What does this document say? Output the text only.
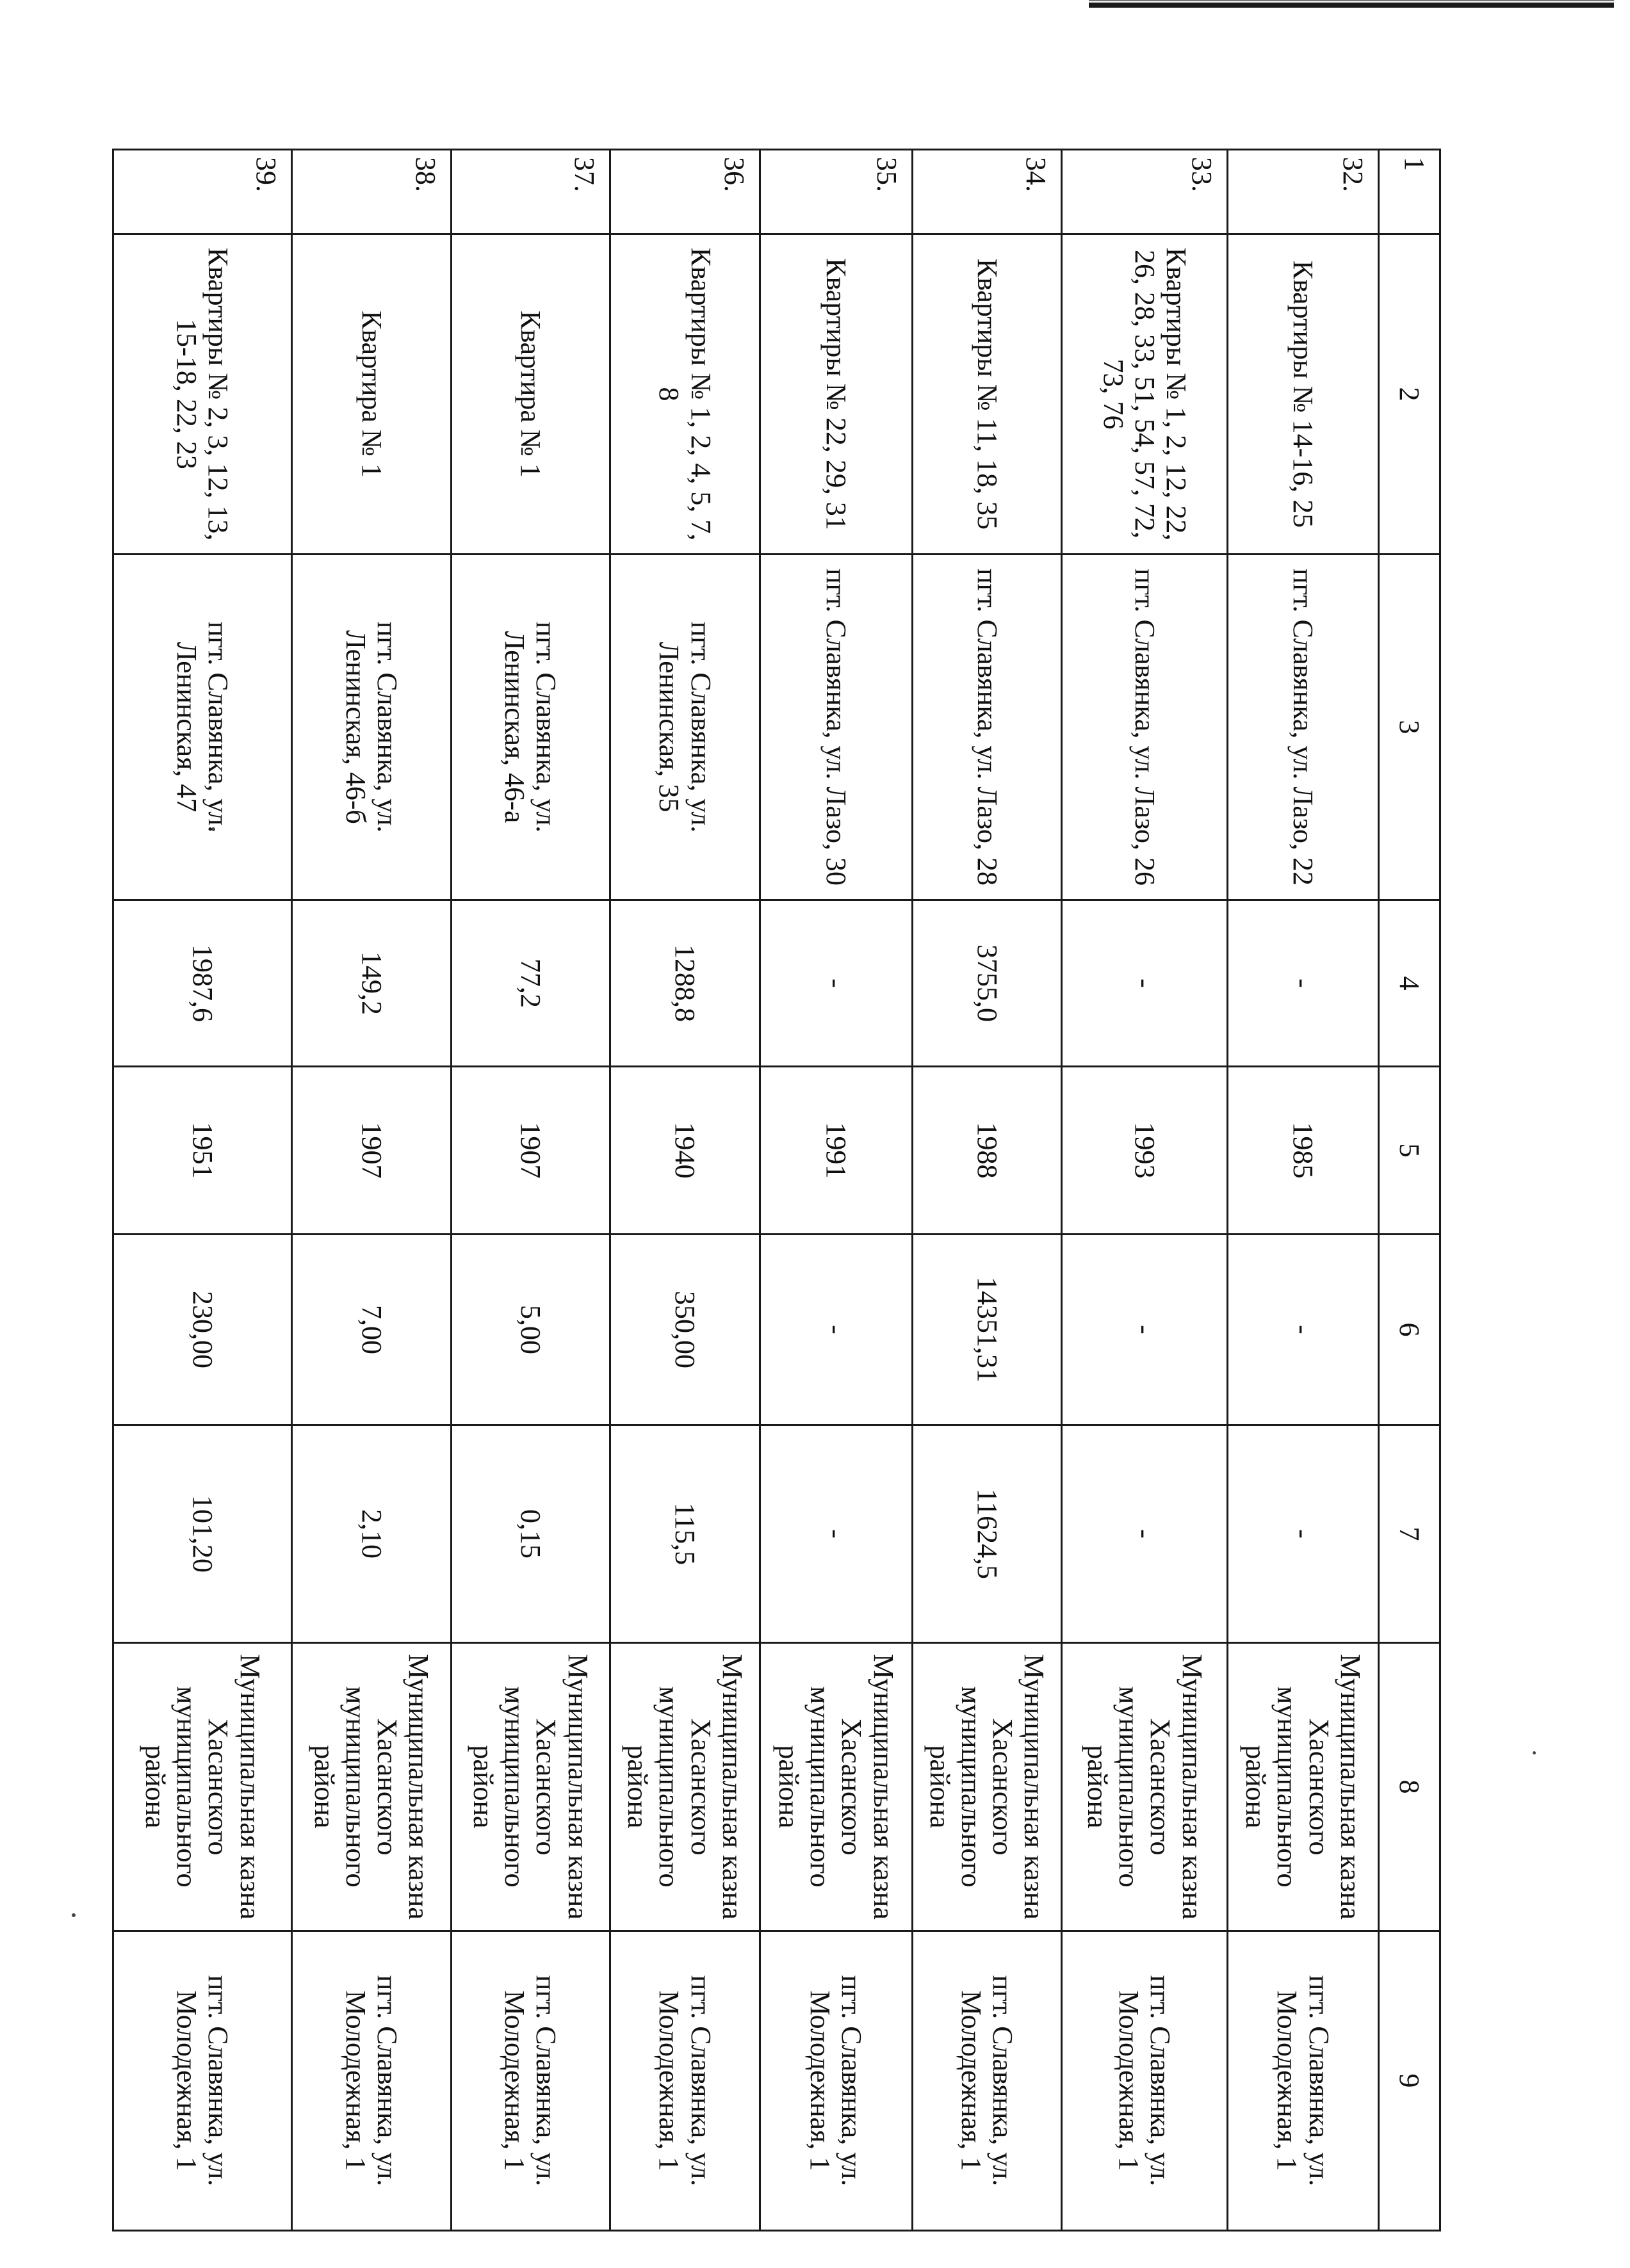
1	2	3	4	5	6	7	8	9
32.	Квартиры № 14-16, 25	пгт. Славянка, ул. Лазо, 22	-	1985	-	-	Муниципальная казна Хасанского муниципального района	пгт. Славянка, ул. Молодежная, 1
33.	Квартиры № 1, 2, 12, 22, 26, 28, 33, 51, 54, 57, 72, 73, 76	пгт. Славянка, ул. Лазо, 26	-	1993	-	-	Муниципальная казна Хасанского муниципального района	пгт. Славянка, ул. Молодежная, 1
34.	Квартиры № 11, 18, 35	пгт. Славянка, ул. Лазо, 28	3755,0	1988	14351,31	11624,5	Муниципальная казна Хасанского муниципального района	пгт. Славянка, ул. Молодежная, 1
35.	Квартиры № 22, 29, 31	пгт. Славянка, ул. Лазо, 30	-	1991	-	-	Муниципальная казна Хасанского муниципального района	пгт. Славянка, ул. Молодежная, 1
36.	Квартиры № 1, 2, 4, 5, 7, 8	пгт. Славянка, ул. Ленинская, 35	1288,8	1940	350,00	115,5	Муниципальная казна Хасанского муниципального района	пгт. Славянка, ул. Молодежная, 1
37.	Квартира № 1	пгт. Славянка, ул. Ленинская, 46-а	77,2	1907	5,00	0,15	Муниципальная казна Хасанского муниципального района	пгт. Славянка, ул. Молодежная, 1
38.	Квартира № 1	пгт. Славянка, ул. Ленинская, 46-б	149,2	1907	7,00	2,10	Муниципальная казна Хасанского муниципального района	пгт. Славянка, ул. Молодежная, 1
39.	Квартиры № 2, 3, 12, 13, 15-18, 22, 23	пгт. Славянка, ул. Ленинская, 47	1987,6	1951	230,00	101,20	Муниципальная казна Хасанского муниципального района	пгт. Славянка, ул. Молодежная, 1
